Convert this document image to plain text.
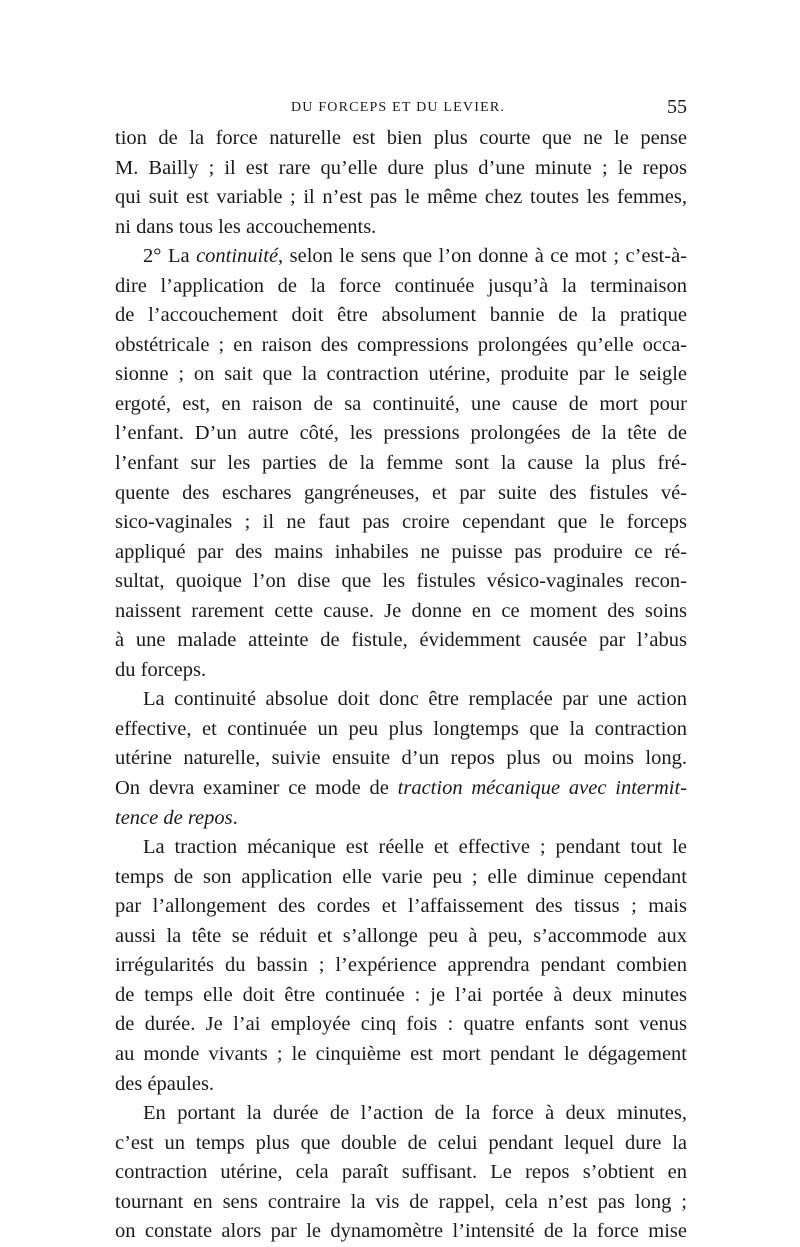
DU FORCEPS ET DU LEVIER.	55
tion de la force naturelle est bien plus courte que ne le pense
M. Bailly ; il est rare qu’elle dure plus d’une minute ; le repos
qui suit est variable ; il n’est pas le même chez toutes les femmes,
ni dans tous les accouchements.
2° La continuité, selon le sens que l’on donne à ce mot ; c’est-à-
dire l’application de la force continuée jusqu’à la terminaison
de l’accouchement doit être absolument bannie de la pratique
obstétricale ; en raison des compressions prolongées qu’elle occa-
sionne ; on sait que la contraction utérine, produite par le seigle
ergoté, est, en raison de sa continuité, une cause de mort pour
l’enfant. D’un autre côté, les pressions prolongées de la tête de
l’enfant sur les parties de la femme sont la cause la plus fré-
quente des eschares gangréneuses, et par suite des fistules vé-
sico-vaginales ; il ne faut pas croire cependant que le forceps
appliqué par des mains inhabiles ne puisse pas produire ce ré-
sultat, quoique l’on dise que les fistules vésico-vaginales recon-
naissent rarement cette cause. Je donne en ce moment des soins
à une malade atteinte de fistule, évidemment causée par l’abus
du forceps.
La continuité absolue doit donc être remplacée par une action
effective, et continuée un peu plus longtemps que la contraction
utérine naturelle, suivie ensuite d’un repos plus ou moins long.
On devra examiner ce mode de traction mécanique avec intermit-
tence de repos.
La traction mécanique est réelle et effective ; pendant tout le
temps de son application elle varie peu ; elle diminue cependant
par l’allongement des cordes et l’affaissement des tissus ; mais
aussi la tête se réduit et s’allonge peu à peu, s’accommode aux
irrégularités du bassin ; l’expérience apprendra pendant combien
de temps elle doit être continuée : je l’ai portée à deux minutes
de durée. Je l’ai employée cinq fois : quatre enfants sont venus
au monde vivants ; le cinquième est mort pendant le dégagement
des épaules.
En portant la durée de l’action de la force à deux minutes,
c’est un temps plus que double de celui pendant lequel dure la
contraction utérine, cela paraît suffisant. Le repos s’obtient en
tournant en sens contraire la vis de rappel, cela n’est pas long ;
on constate alors par le dynamomètre l’intensité de la force mise
